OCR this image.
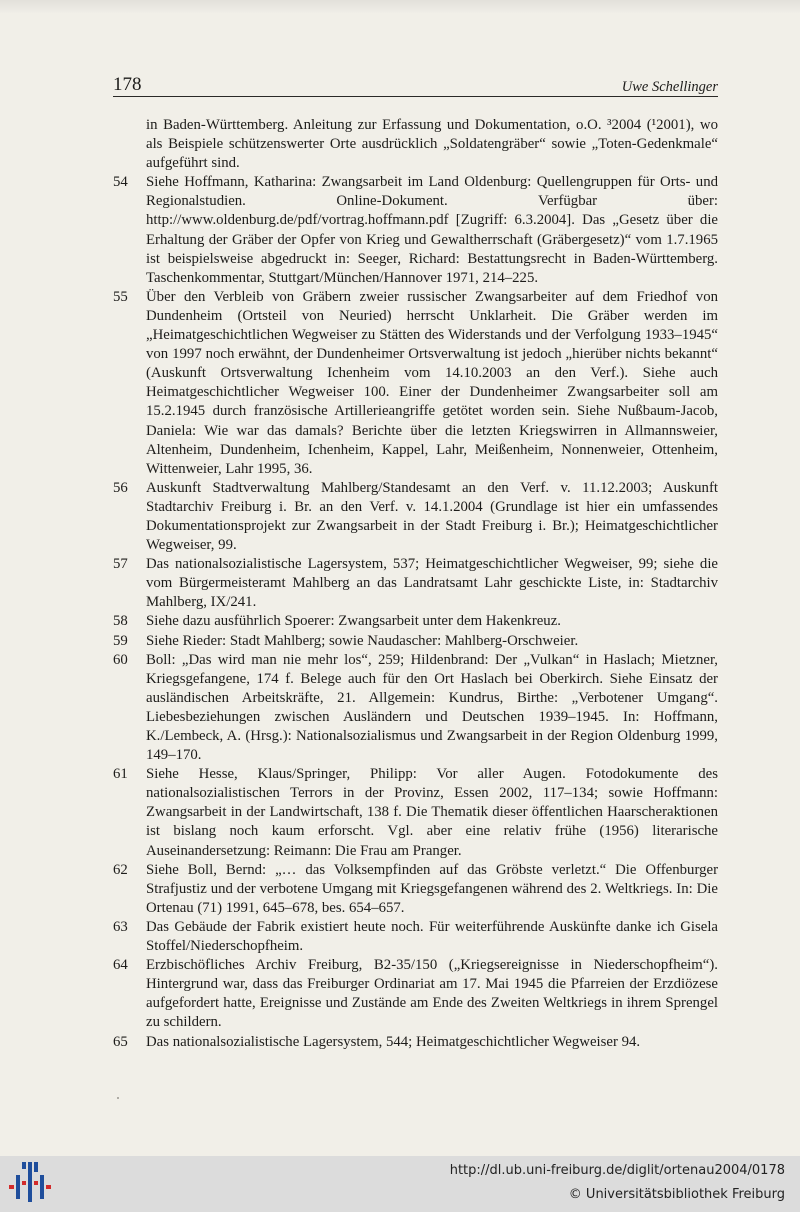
178	Uwe Schellinger

in Baden-Württemberg. Anleitung zur Erfassung und Dokumentation, o.O. ³2004 (¹2001), wo als Beispiele schützenswerter Orte ausdrücklich „Soldatengräber“ sowie „Toten-Gedenkmale“ aufgeführt sind.

54 Siehe Hoffmann, Katharina: Zwangsarbeit im Land Oldenburg: Quellengruppen für Orts- und Regionalstudien. Online-Dokument. Verfügbar über: http://www.oldenburg.de/pdf/vortrag.hoffmann.pdf [Zugriff: 6.3.2004]. Das „Gesetz über die Erhaltung der Gräber der Opfer von Krieg und Gewaltherrschaft (Gräbergesetz)“ vom 1.7.1965 ist beispielsweise abgedruckt in: Seeger, Richard: Bestattungsrecht in Baden-Württemberg. Taschenkommentar, Stuttgart/München/Hannover 1971, 214–225.

55 Über den Verbleib von Gräbern zweier russischer Zwangsarbeiter auf dem Friedhof von Dundenheim (Ortsteil von Neuried) herrscht Unklarheit. Die Gräber werden im „Heimatgeschichtlichen Wegweiser zu Stätten des Widerstands und der Verfolgung 1933–1945“ von 1997 noch erwähnt, der Dundenheimer Ortsverwaltung ist jedoch „hierüber nichts bekannt“ (Auskunft Ortsverwaltung Ichenheim vom 14.10.2003 an den Verf.). Siehe auch Heimatgeschichtlicher Wegweiser 100. Einer der Dundenheimer Zwangsarbeiter soll am 15.2.1945 durch französische Artillerieangriffe getötet worden sein. Siehe Nußbaum-Jacob, Daniela: Wie war das damals? Berichte über die letzten Kriegswirren in Allmannsweier, Altenheim, Dundenheim, Ichenheim, Kappel, Lahr, Meißenheim, Nonnenweier, Ottenheim, Wittenweier, Lahr 1995, 36.

56 Auskunft Stadtverwaltung Mahlberg/Standesamt an den Verf. v. 11.12.2003; Auskunft Stadtarchiv Freiburg i. Br. an den Verf. v. 14.1.2004 (Grundlage ist hier ein umfassendes Dokumentationsprojekt zur Zwangsarbeit in der Stadt Freiburg i. Br.); Heimatgeschichtlicher Wegweiser, 99.

57 Das nationalsozialistische Lagersystem, 537; Heimatgeschichtlicher Wegweiser, 99; siehe die vom Bürgermeisteramt Mahlberg an das Landratsamt Lahr geschickte Liste, in: Stadtarchiv Mahlberg, IX/241.

58 Siehe dazu ausführlich Spoerer: Zwangsarbeit unter dem Hakenkreuz.

59 Siehe Rieder: Stadt Mahlberg; sowie Naudascher: Mahlberg-Orschweier.

60 Boll: „Das wird man nie mehr los“, 259; Hildenbrand: Der „Vulkan“ in Haslach; Mietzner, Kriegsgefangene, 174 f. Belege auch für den Ort Haslach bei Oberkirch. Siehe Einsatz der ausländischen Arbeitskräfte, 21. Allgemein: Kundrus, Birthe: „Verbotener Umgang“. Liebesbeziehungen zwischen Ausländern und Deutschen 1939–1945. In: Hoffmann, K./Lembeck, A. (Hrsg.): Nationalsozialismus und Zwangsarbeit in der Region Oldenburg 1999, 149–170.

61 Siehe Hesse, Klaus/Springer, Philipp: Vor aller Augen. Fotodokumente des nationalsozialistischen Terrors in der Provinz, Essen 2002, 117–134; sowie Hoffmann: Zwangsarbeit in der Landwirtschaft, 138 f. Die Thematik dieser öffentlichen Haarscheraktionen ist bislang noch kaum erforscht. Vgl. aber eine relativ frühe (1956) literarische Auseinandersetzung: Reimann: Die Frau am Pranger.

62 Siehe Boll, Bernd: „… das Volksempfinden auf das Gröbste verletzt.“ Die Offenburger Strafjustiz und der verbotene Umgang mit Kriegsgefangenen während des 2. Weltkriegs. In: Die Ortenau (71) 1991, 645–678, bes. 654–657.

63 Das Gebäude der Fabrik existiert heute noch. Für weiterführende Auskünfte danke ich Gisela Stoffel/Niederschopfheim.

64 Erzbischöfliches Archiv Freiburg, B2-35/150 („Kriegsereignisse in Niederschopfheim“). Hintergrund war, dass das Freiburger Ordinariat am 17. Mai 1945 die Pfarreien der Erzdiözese aufgefordert hatte, Ereignisse und Zustände am Ende des Zweiten Weltkriegs in ihrem Sprengel zu schildern.

65 Das nationalsozialistische Lagersystem, 544; Heimatgeschichtlicher Wegweiser 94.

http://dl.ub.uni-freiburg.de/diglit/ortenau2004/0178
© Universitätsbibliothek Freiburg
